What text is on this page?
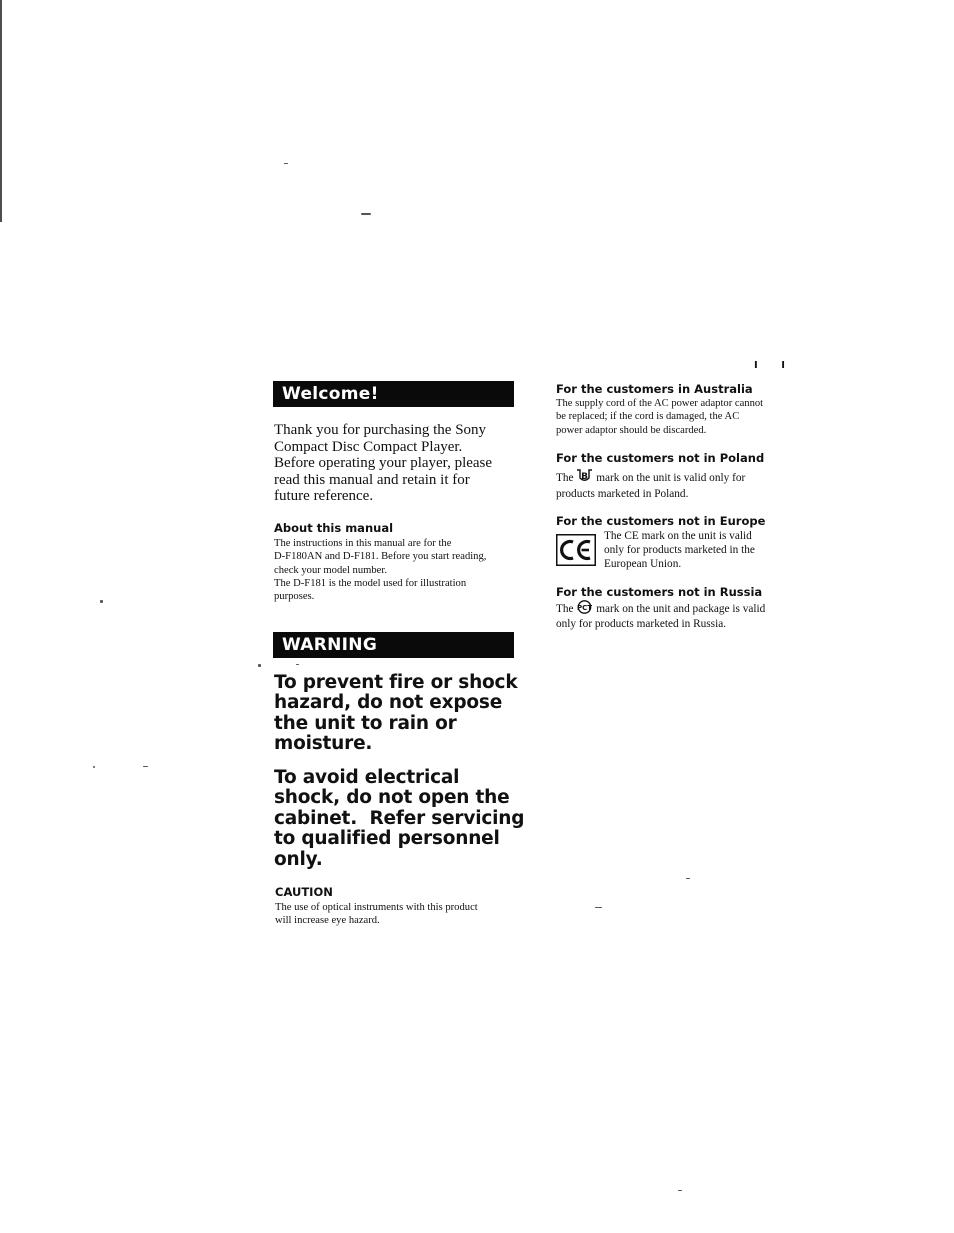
Welcome!

Thank you for purchasing the Sony

Compact Disc Compact Player.

Before operating your player, please

read this manual and retain it for

future reference.

About this manual
The instructions in this manual are for the
D-F180AN and D-F181. Before you start reading,
check your model number.
The D-F181 is the model used for illustration
purposes.
WARNING
To prevent fire or shock
hazard, do not expose
the unit to rain or
moisture.
To avoid electrical
shock, do not open the
cabinet.  Refer servicing
to qualified personnel
only.
CAUTION
The use of optical instruments with this product
will increase eye hazard.
I I
For the customers in Australia
The supply cord of the AC power adaptor cannot
be replaced; if the cord is damaged, the AC
power adaptor should be discarded.
For the customers not in Poland
The B mark on the unit is valid only for
products marketed in Poland.
For the customers not in Europe
The CE mark on the unit is valid
only for products marketed in the
European Union.
For the customers not in Russia
The PCT mark on the unit and package is valid
only for products marketed in Russia.
